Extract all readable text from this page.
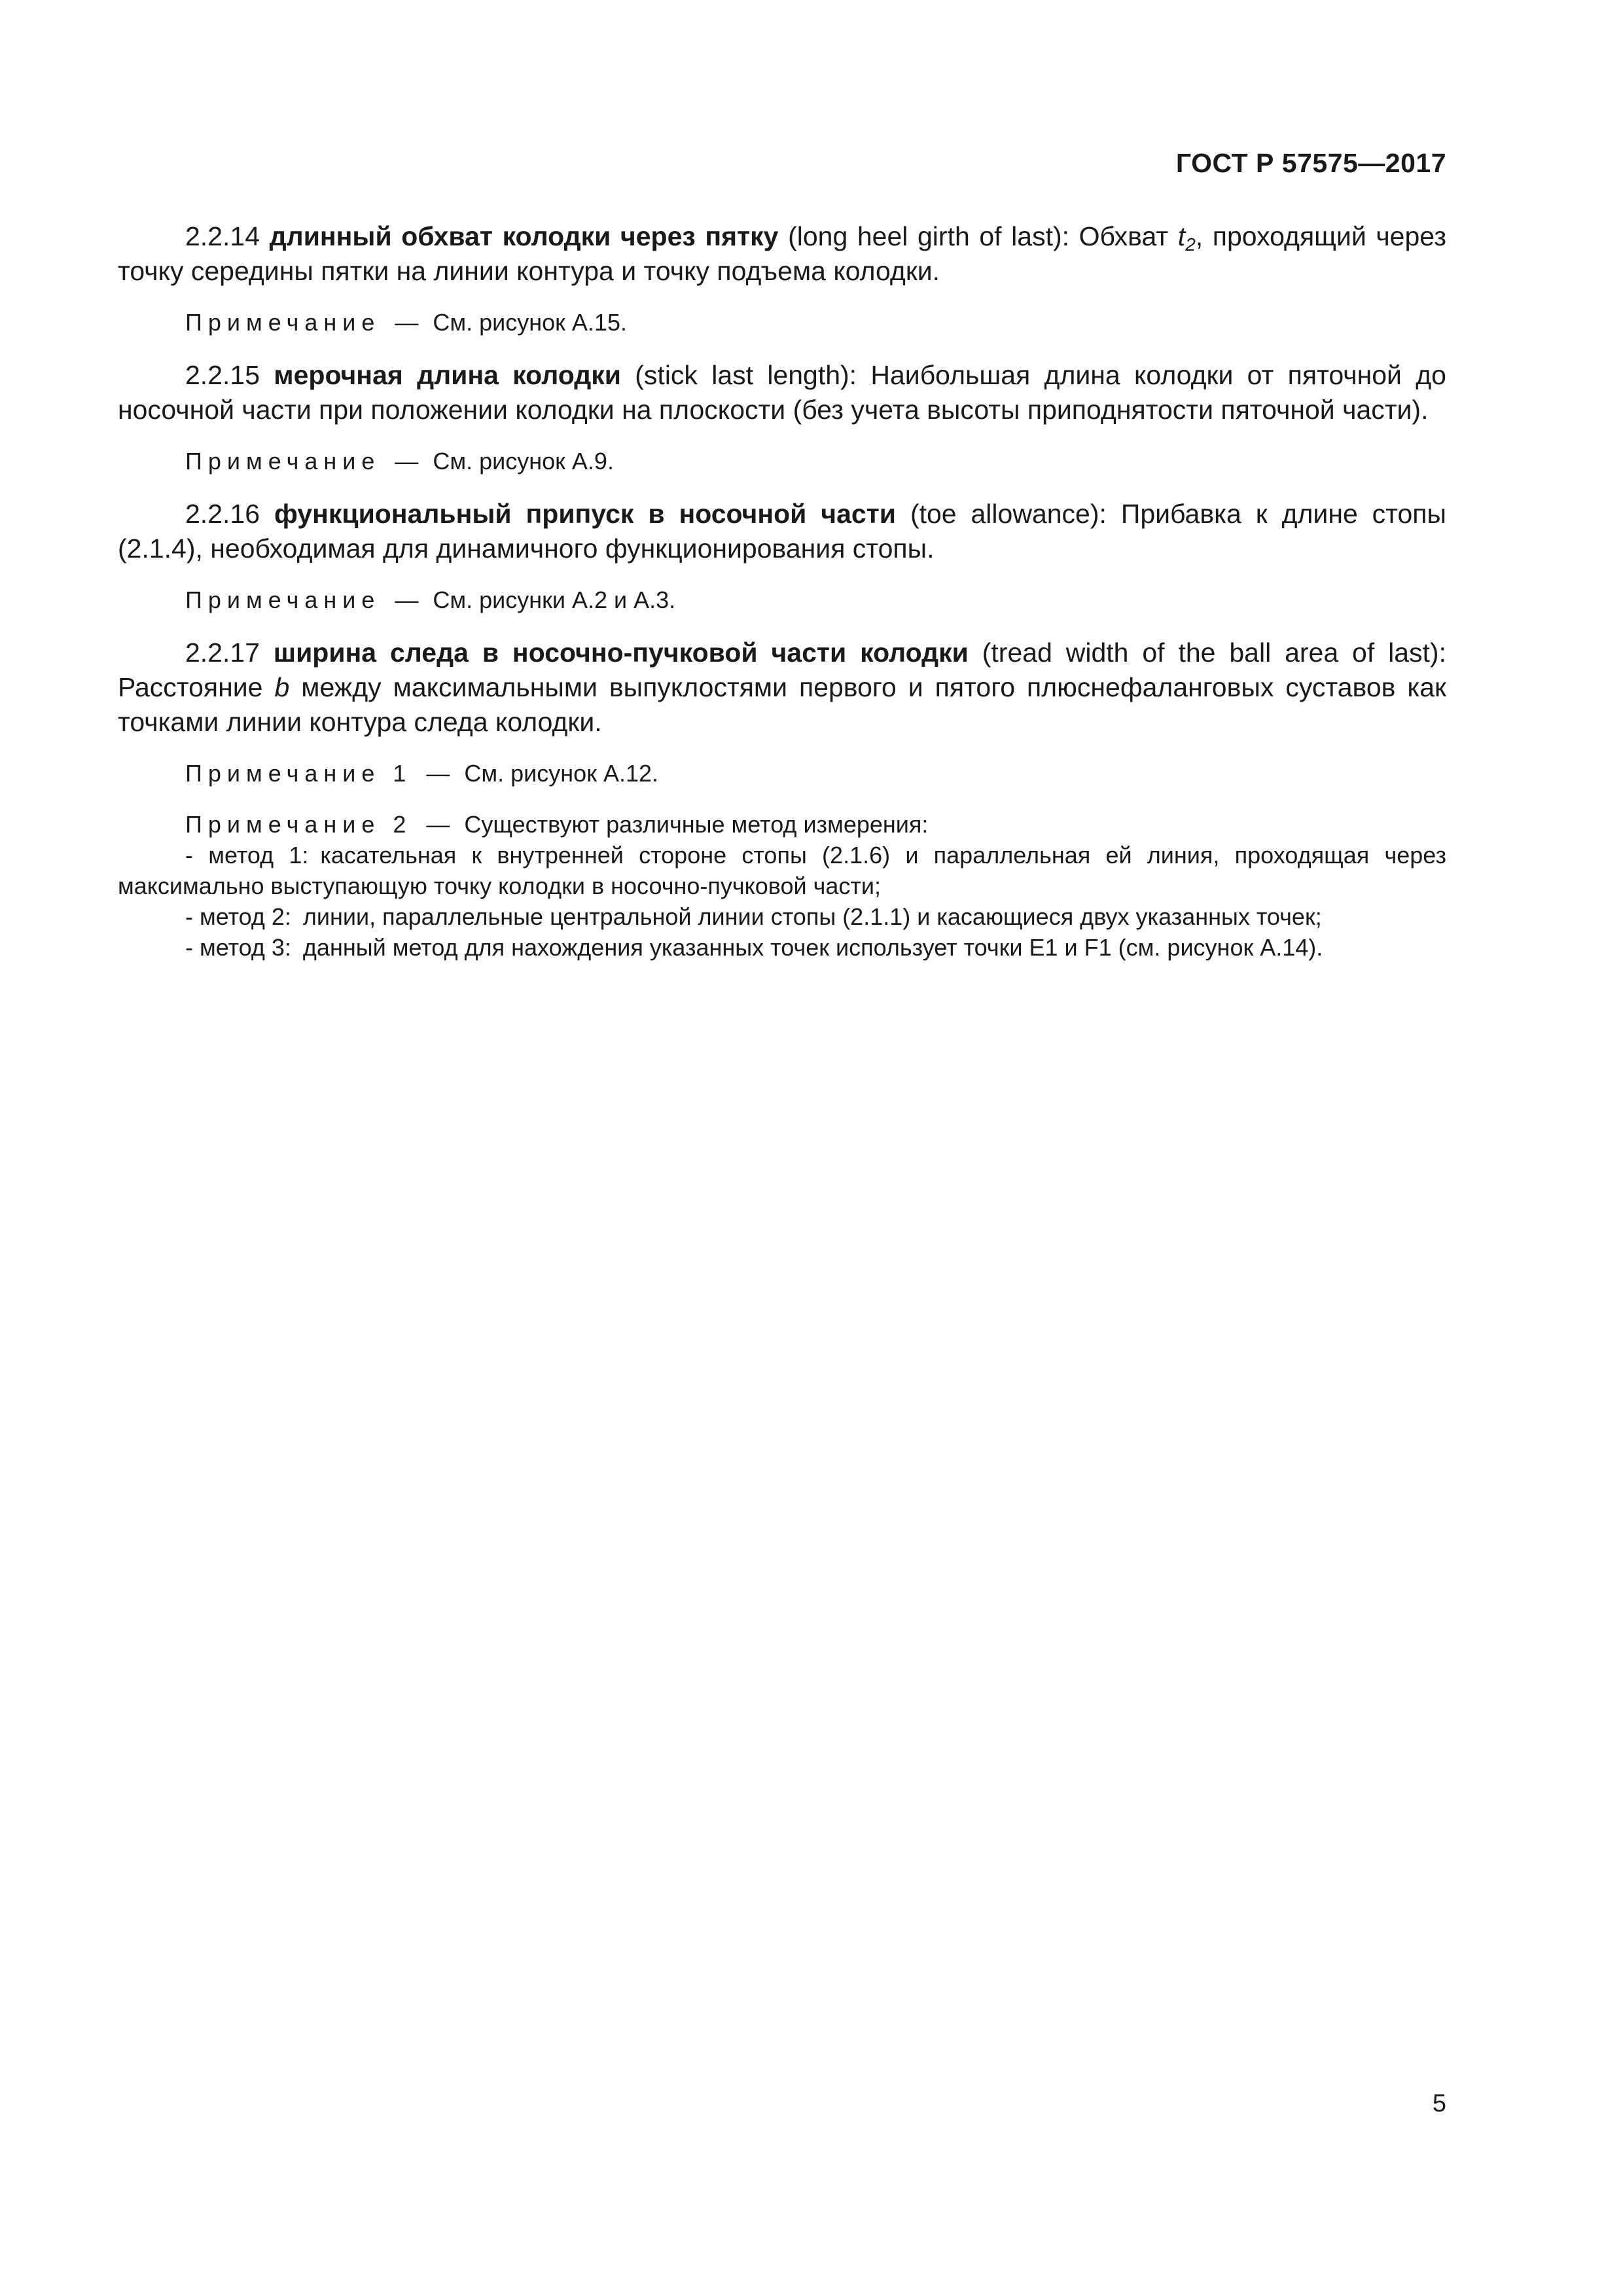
ГОСТ Р 57575—2017

2.2.14 длинный обхват колодки через пятку (long heel girth of last): Обхват $t_2$, проходящий через точку середины пятки на линии контура и точку подъема колодки.

Примечание — См. рисунок А.15.

2.2.15 мерочная длина колодки (stick last length): Наибольшая длина колодки от пяточной до носочной части при положении колодки на плоскости (без учета высоты приподнятости пяточной части).

Примечание — См. рисунок А.9.

2.2.16 функциональный припуск в носочной части (toe allowance): Прибавка к длине стопы (2.1.4), необходимая для динамичного функционирования стопы.

Примечание — См. рисунки А.2 и А.3.

2.2.17 ширина следа в носочно-пучковой части колодки (tread width of the ball area of last): Расстояние b между максимальными выпуклостями первого и пятого плюснефаланговых суставов как точками линии контура следа колодки.

Примечание 1 — См. рисунок А.12.

Примечание 2 — Существуют различные метод измерения:
- метод 1: касательная к внутренней стороне стопы (2.1.6) и параллельная ей линия, проходящая через максимально выступающую точку колодки в носочно-пучковой части;
- метод 2: линии, параллельные центральной линии стопы (2.1.1) и касающиеся двух указанных точек;
- метод 3: данный метод для нахождения указанных точек использует точки E1 и F1 (см. рисунок А.14).
5
